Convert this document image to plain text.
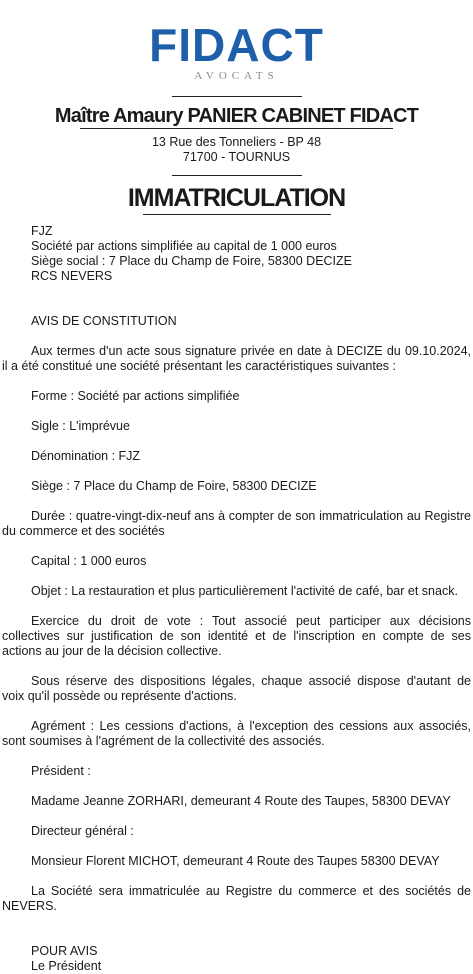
FIDACT
AVOCATS
Maître Amaury PANIER CABINET FIDACT
13 Rue des Tonneliers - BP 48
71700 - TOURNUS
IMMATRICULATION

FJZ

Société par actions simplifiée au capital de 1 000 euros

Siège social : 7 Place du Champ de Foire, 58300 DECIZE

RCS NEVERS

AVIS DE CONSTITUTION

Aux termes d'un acte sous signature privée en date à DECIZE du 09.10.2024, il a été constitué une société présentant les caractéristiques suivantes :

Forme : Société par actions simplifiée

Sigle : L'imprévue

Dénomination : FJZ

Siège : 7 Place du Champ de Foire, 58300 DECIZE

Durée : quatre-vingt-dix-neuf ans à compter de son immatriculation au Registre du commerce et des sociétés

Capital : 1 000 euros

Objet : La restauration et plus particulièrement l'activité de café, bar et snack.

Exercice du droit de vote : Tout associé peut participer aux décisions collectives sur justification de son identité et de l'inscription en compte de ses actions au jour de la décision collective.

Sous réserve des dispositions légales, chaque associé dispose d'autant de voix qu'il possède ou représente d'actions.

Agrément : Les cessions d'actions, à l'exception des cessions aux associés, sont soumises à l'agrément de la collectivité des associés.

Président :

Madame Jeanne ZORHARI, demeurant 4 Route des Taupes, 58300 DEVAY

Directeur général :

Monsieur Florent MICHOT, demeurant 4 Route des Taupes 58300 DEVAY

La Société sera immatriculée au Registre du commerce et des sociétés de NEVERS.

POUR AVIS

Le Président
